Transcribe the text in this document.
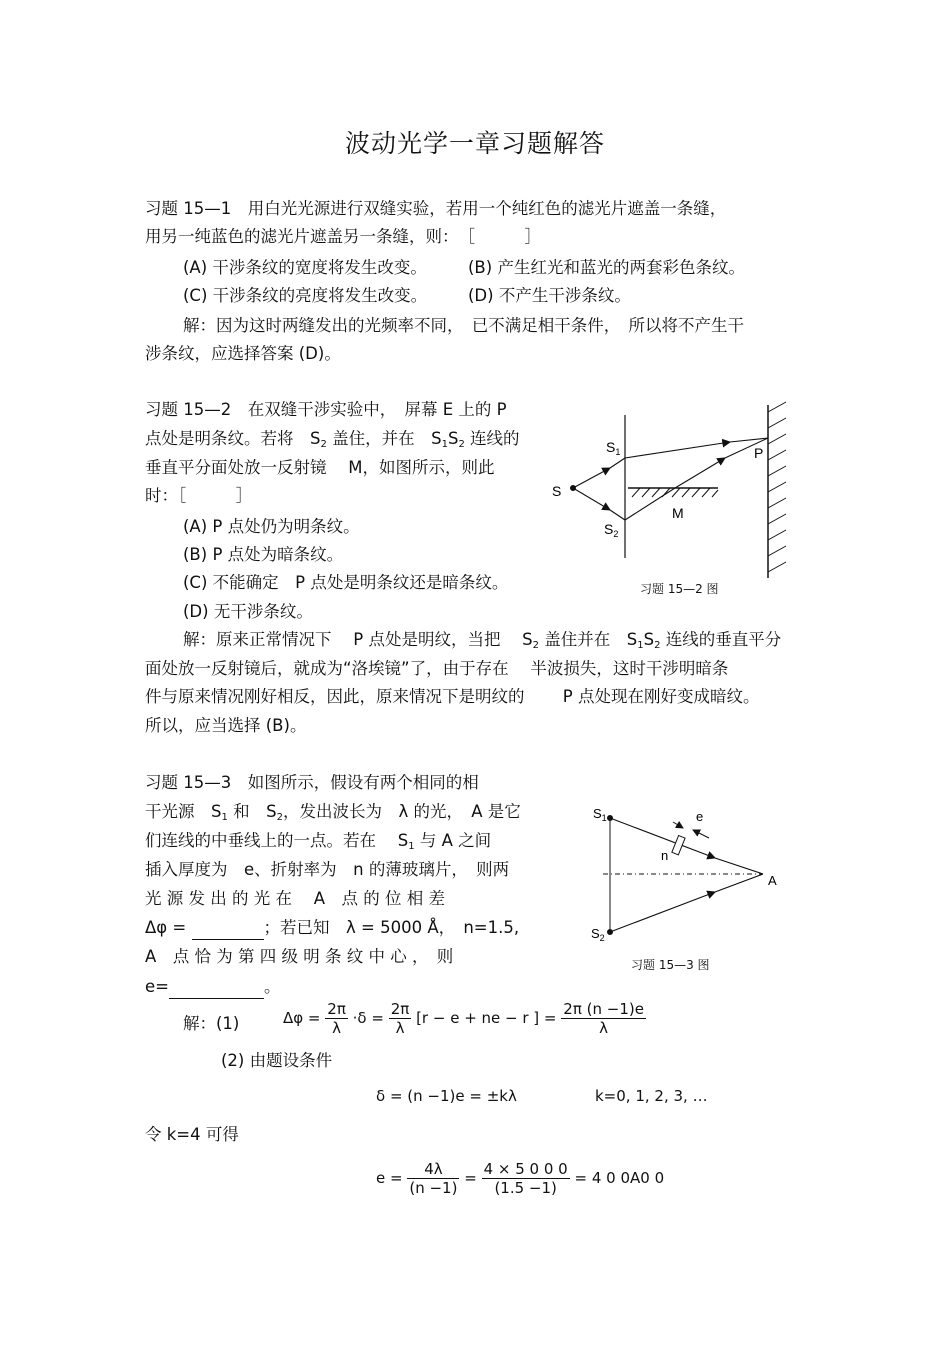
波动光学一章习题解答
习题 15—1　用白光光源进行双缝实验，若用一个纯红色的滤光片遮盖一条缝，
用另一纯蓝色的滤光片遮盖另一条缝，则：　［　　　］
(A) 干涉条纹的宽度将发生改变。 (B) 产生红光和蓝光的两套彩色条纹。
(C) 干涉条纹的亮度将发生改变。 (D) 不产生干涉条纹。
解：因为这时两缝发出的光频率不同，　已不满足相干条件，　所以将不产生干
涉条纹，应选择答案 (D)。
习题 15—2　在双缝干涉实验中，　屏幕 E 上的 P
点处是明条纹。若将　$S_2$ 盖住，并在　$S_1S_2$ 连线的
垂直平分面处放一反射镜　 M，如图所示，则此
时：［　　　］
(A) P 点处仍为明条纹。
(B) P 点处为暗条纹。
(C) 不能确定　P 点处是明条纹还是暗条纹。
(D) 无干涉条纹。
解：原来正常情况下　 P 点处是明纹，当把　 $S_2$ 盖住并在　$S_1S_2$ 连线的垂直平分
面处放一反射镜后，就成为“洛埃镜”了，由于存在　 半波损失，这时干涉明暗条
件与原来情况刚好相反，因此，原来情况下是明纹的　　 P 点处现在刚好变成暗纹。
所以，应当选择 (B)。
$S_1$
S
$S_2$
P
M
习题 15—2 图
习题 15—3　如图所示，假设有两个相同的相
干光源　$S_1$ 和　$S_2$，发出波长为　λ 的光，　A 是它
们连线的中垂线上的一点。若在　 $S_1$ 与 A 之间
插入厚度为　e、折射率为　n 的薄玻璃片，　则两
光 源 发 出 的 光 在　 A　点 的 位 相 差
Δφ =	；若已知　λ = 5000 Å，　n=1.5,
A　点 恰 为 第 四 级 明 条 纹 中 心 ，　则
e=	。
$S_1$
$S_2$
e
n
A
习题 15—3 图
解：(1)	$\Delta\varphi = \frac{2\pi}{\lambda} \cdot\delta = \frac{2\pi}{\lambda} [r - e$ + ne − r ] = $\frac{2\pi (n -1)e}{\lambda}$
(2) 由题设条件
δ = (n −1)e = ±kλ	k=0, 1, 2, 3, …
令 k=4 可得
$e = \frac{4\lambda}{(n -1)} = \frac{4 \times 5 0 0 0}{(1.5 -1)} = 4$ 0 0A0 0
